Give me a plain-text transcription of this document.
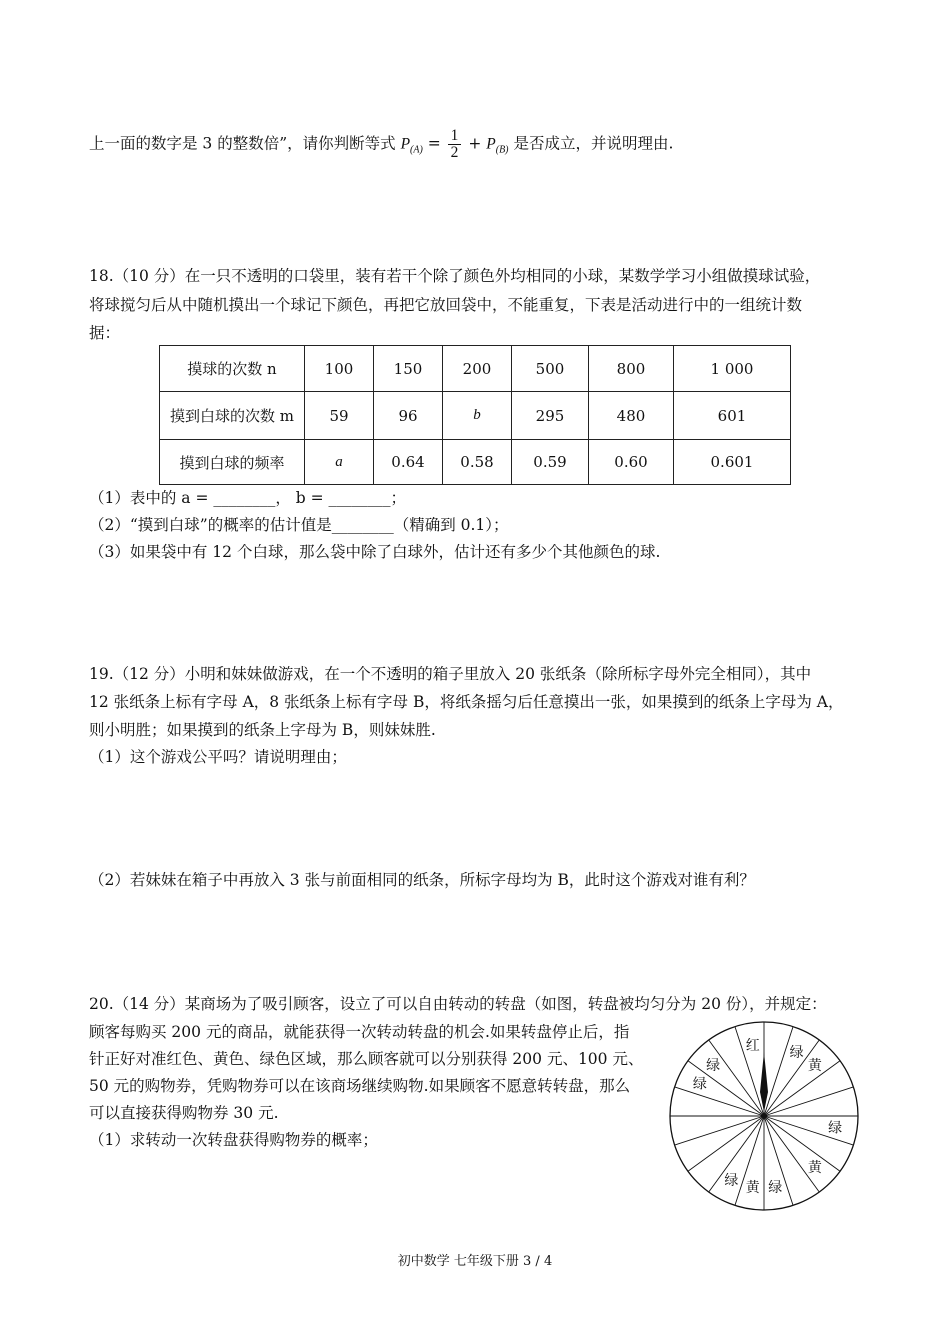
上一面的数字是 3 的整数倍”，请你判断等式 $P_{(A)} = \frac{1}{2} + P_{(B)}$ 是否成立，并说明理由.
18.（10 分）在一只不透明的口袋里，装有若干个除了颜色外均相同的小球，某数学学习小组做摸球试验，
将球搅匀后从中随机摸出一个球记下颜色，再把它放回袋中，不能重复，下表是活动进行中的一组统计数
据：
摸球的次数 n	100	150	200	500	800	1 000
摸到白球的次数 m	59	96	b	295	480	601
摸到白球的频率	a	0.64	0.58	0.59	0.60	0.601
（1）表中的 a = ________， b = ________；
（2）“摸到白球”的概率的估计值是________（精确到 0.1）；
（3）如果袋中有 12 个白球，那么袋中除了白球外，估计还有多少个其他颜色的球.
19.（12 分）小明和妹妹做游戏，在一个不透明的箱子里放入 20 张纸条（除所标字母外完全相同），其中
12 张纸条上标有字母 A，8 张纸条上标有字母 B，将纸条摇匀后任意摸出一张，如果摸到的纸条上字母为 A，
则小明胜；如果摸到的纸条上字母为 B，则妹妹胜.
（1）这个游戏公平吗？请说明理由；
（2）若妹妹在箱子中再放入 3 张与前面相同的纸条，所标字母均为 B，此时这个游戏对谁有利？
20.（14 分）某商场为了吸引顾客，设立了可以自由转动的转盘（如图，转盘被均匀分为 20 份），并规定：
顾客每购买 200 元的商品，就能获得一次转动转盘的机会.如果转盘停止后，指
针正好对准红色、黄色、绿色区域，那么顾客就可以分别获得 200 元、100 元、
50 元的购物券，凭购物券可以在该商场继续购物.如果顾客不愿意转转盘，那么
可以直接获得购物券 30 元.
（1）求转动一次转盘获得购物券的概率；
红 绿
黄
绿
绿
绿
黄
绿
黄
绿
初中数学 七年级下册 3 / 4
